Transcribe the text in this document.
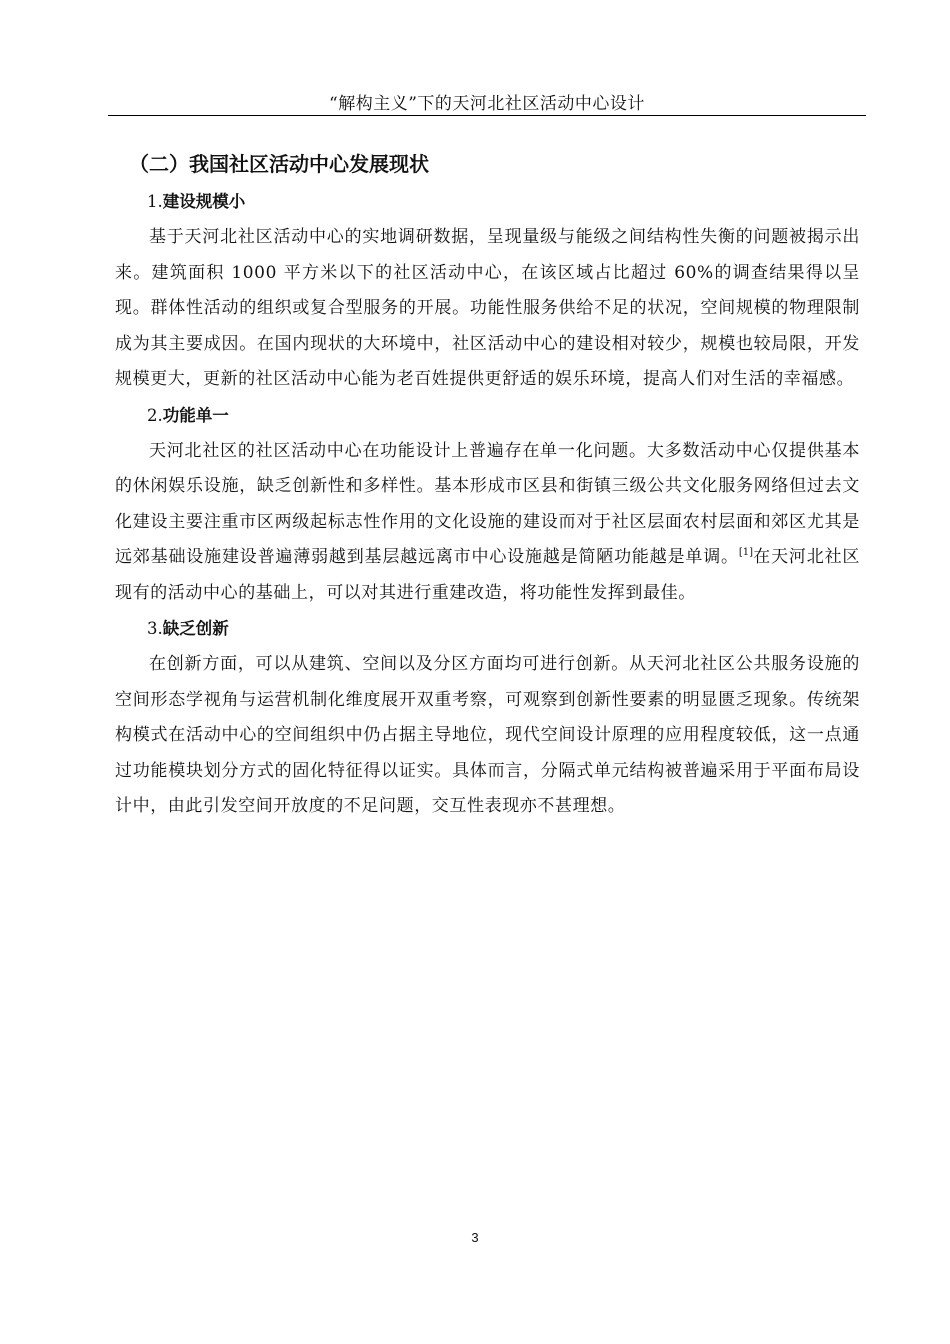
“解构主义”下的天河北社区活动中心设计
（二）我国社区活动中心发展现状
1.建设规模小

基于天河北社区活动中心的实地调研数据，呈现量级与能级之间结构性失衡的问题被揭示出来。建筑面积 1000 平方米以下的社区活动中心，在该区域占比超过 60%的调查结果得以呈现。群体性活动的组织或复合型服务的开展。功能性服务供给不足的状况，空间规模的物理限制成为其主要成因。在国内现状的大环境中，社区活动中心的建设相对较少，规模也较局限，开发规模更大，更新的社区活动中心能为老百姓提供更舒适的娱乐环境，提高人们对生活的幸福感。

2.功能单一

天河北社区的社区活动中心在功能设计上普遍存在单一化问题。大多数活动中心仅提供基本的休闲娱乐设施，缺乏创新性和多样性。基本形成市区县和街镇三级公共文化服务网络但过去文化建设主要注重市区两级起标志性作用的文化设施的建设而对于社区层面农村层面和郊区尤其是远郊基础设施建设普遍薄弱越到基层越远离市中心设施越是简陋功能越是单调。[1]在天河北社区现有的活动中心的基础上，可以对其进行重建改造，将功能性发挥到最佳。

3.缺乏创新

在创新方面，可以从建筑、空间以及分区方面均可进行创新。从天河北社区公共服务设施的空间形态学视角与运营机制化维度展开双重考察，可观察到创新性要素的明显匮乏现象。传统架构模式在活动中心的空间组织中仍占据主导地位，现代空间设计原理的应用程度较低，这一点通过功能模块划分方式的固化特征得以证实。具体而言，分隔式单元结构被普遍采用于平面布局设计中，由此引发空间开放度的不足问题，交互性表现亦不甚理想。

3
